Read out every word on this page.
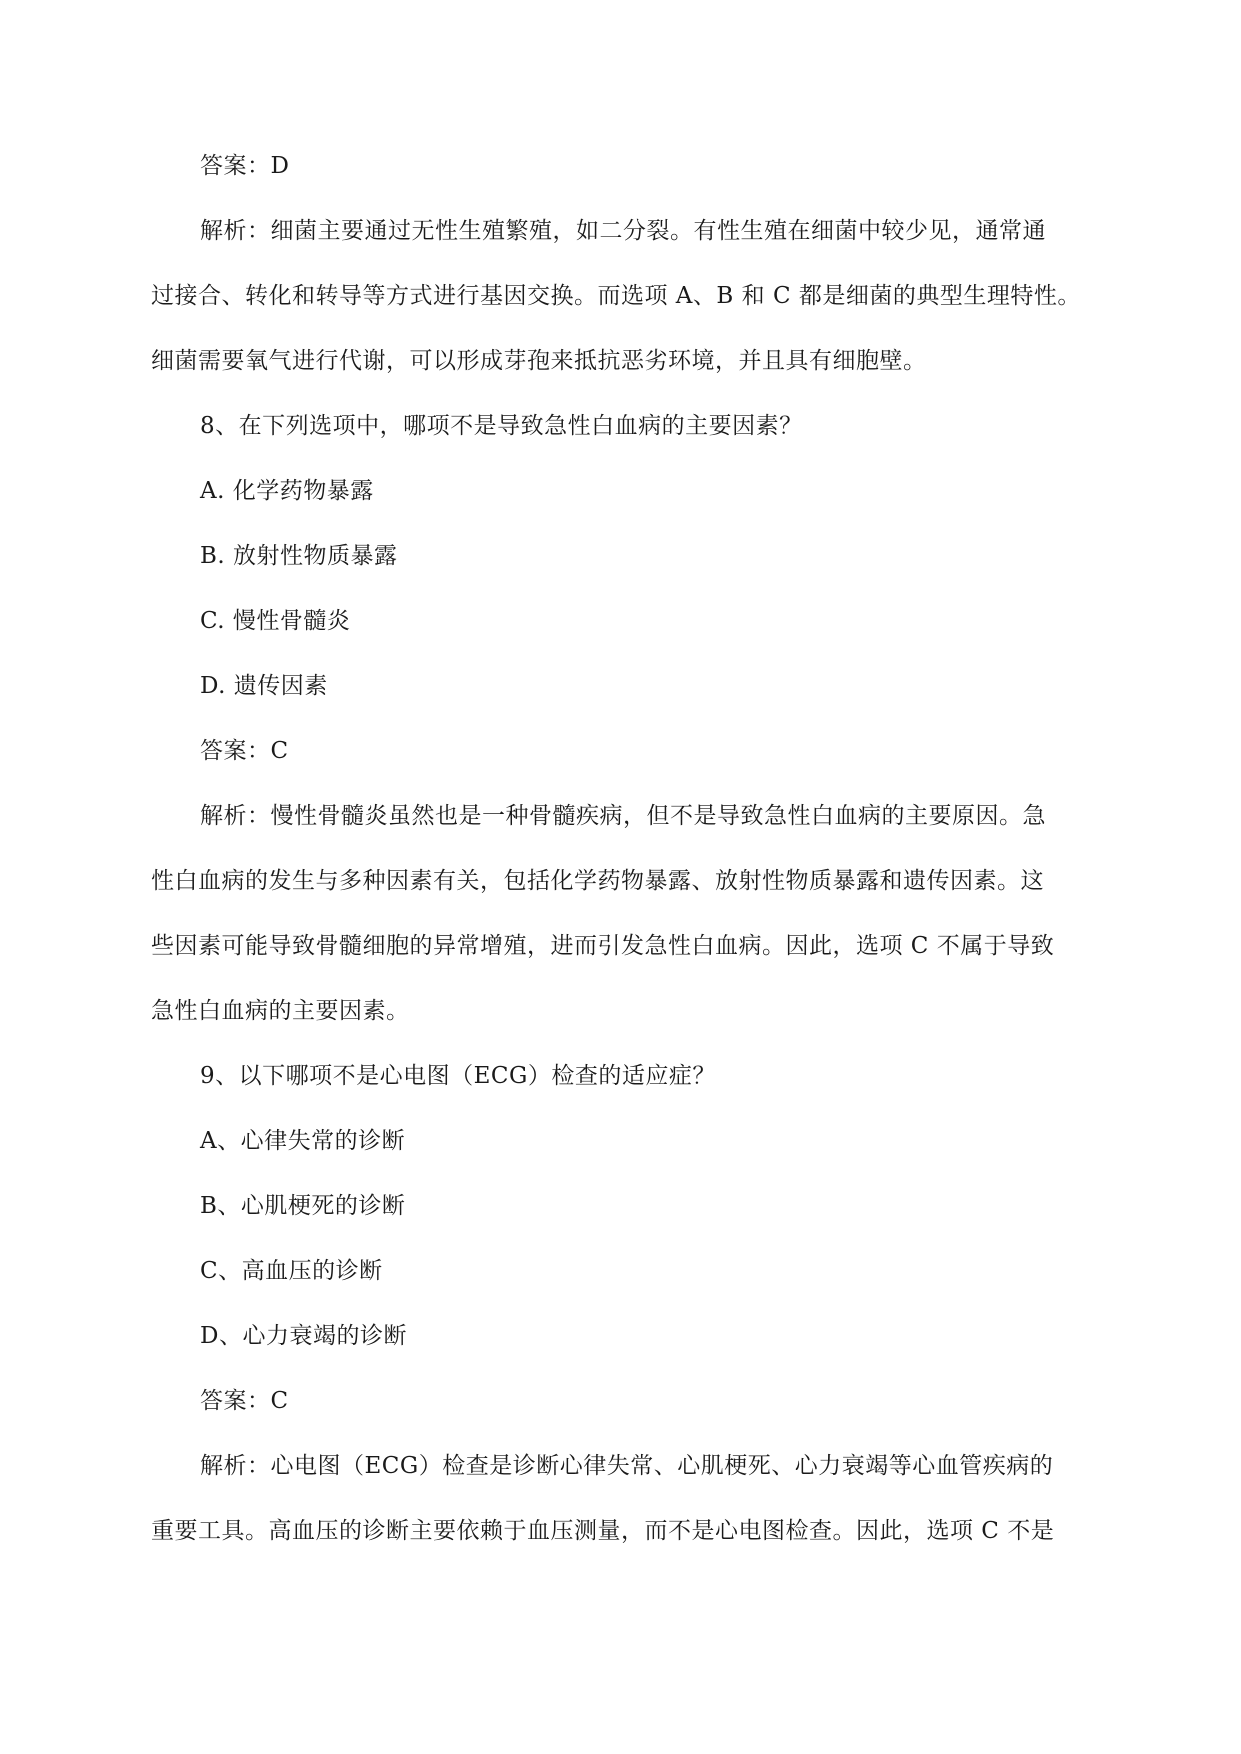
答案：D
解析：细菌主要通过无性生殖繁殖，如二分裂。有性生殖在细菌中较少见，通常通
过接合、转化和转导等方式进行基因交换。而选项 A、B 和 C 都是细菌的典型生理特性。
细菌需要氧气进行代谢，可以形成芽孢来抵抗恶劣环境，并且具有细胞壁。
8、在下列选项中，哪项不是导致急性白血病的主要因素？
A. 化学药物暴露
B. 放射性物质暴露
C. 慢性骨髓炎
D. 遗传因素
答案：C
解析：慢性骨髓炎虽然也是一种骨髓疾病，但不是导致急性白血病的主要原因。急
性白血病的发生与多种因素有关，包括化学药物暴露、放射性物质暴露和遗传因素。这
些因素可能导致骨髓细胞的异常增殖，进而引发急性白血病。因此，选项 C 不属于导致
急性白血病的主要因素。
9、以下哪项不是心电图（ECG）检查的适应症？
A、心律失常的诊断
B、心肌梗死的诊断
C、高血压的诊断
D、心力衰竭的诊断
答案：C
解析：心电图（ECG）检查是诊断心律失常、心肌梗死、心力衰竭等心血管疾病的
重要工具。高血压的诊断主要依赖于血压测量，而不是心电图检查。因此，选项 C 不是
